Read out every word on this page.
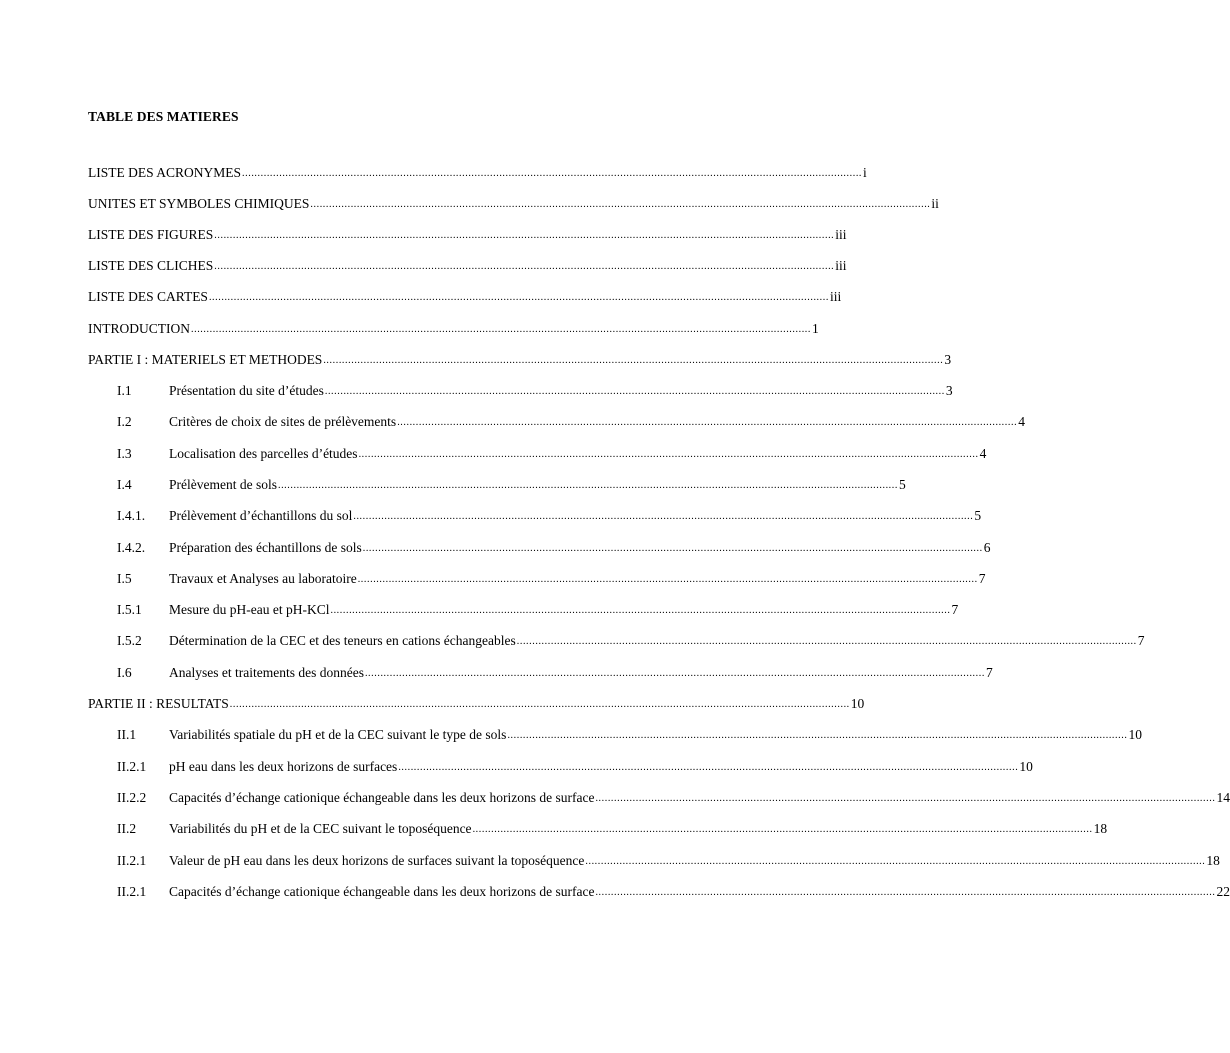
TABLE DES MATIERES
LISTE DES ACRONYMES ........................................................................................................................................................................................................ i
UNITES ET SYMBOLES CHIMIQUES ........................................................................................................................................................................................................ ii
LISTE DES FIGURES ........................................................................................................................................................................................................ iii
LISTE DES CLICHES ........................................................................................................................................................................................................ iii
LISTE DES CARTES ........................................................................................................................................................................................................ iii
INTRODUCTION ........................................................................................................................................................................................................ 1
PARTIE I : MATERIELS ET METHODES ........................................................................................................................................................................................................ 3
I.1	Présentation du site d’études ........................................................................................................................................................................................................ 3
I.2	Critères de choix de sites de prélèvements ........................................................................................................................................................................................................ 4
I.3	Localisation des parcelles d’études ........................................................................................................................................................................................................ 4
I.4	Prélèvement de sols ........................................................................................................................................................................................................ 5
I.4.1.	Prélèvement d’échantillons du sol ........................................................................................................................................................................................................ 5
I.4.2.	Préparation des échantillons de sols ........................................................................................................................................................................................................ 6
I.5	Travaux et Analyses au laboratoire ........................................................................................................................................................................................................ 7
I.5.1	Mesure du pH-eau et pH-KCl ........................................................................................................................................................................................................ 7
I.5.2	Détermination de la CEC et des teneurs en cations échangeables ........................................................................................................................................................................................................ 7
I.6	Analyses et traitements des données ........................................................................................................................................................................................................ 7
PARTIE II : RESULTATS ........................................................................................................................................................................................................ 10
II.1	Variabilités spatiale du pH et de la CEC suivant le type de sols ........................................................................................................................................................................................................ 10
II.2.1	pH eau dans les deux horizons de surfaces ........................................................................................................................................................................................................ 10
II.2.2	Capacités d’échange cationique échangeable dans les deux horizons de surface ........................................................................................................................................................................................................ 14
II.2	Variabilités du pH et de la CEC suivant le toposéquence ........................................................................................................................................................................................................ 18
II.2.1	Valeur de pH eau dans les deux horizons de surfaces suivant la toposéquence ........................................................................................................................................................................................................ 18
II.2.1	Capacités d’échange cationique échangeable dans les deux horizons de surface ........................................................................................................................................................................................................ 22
